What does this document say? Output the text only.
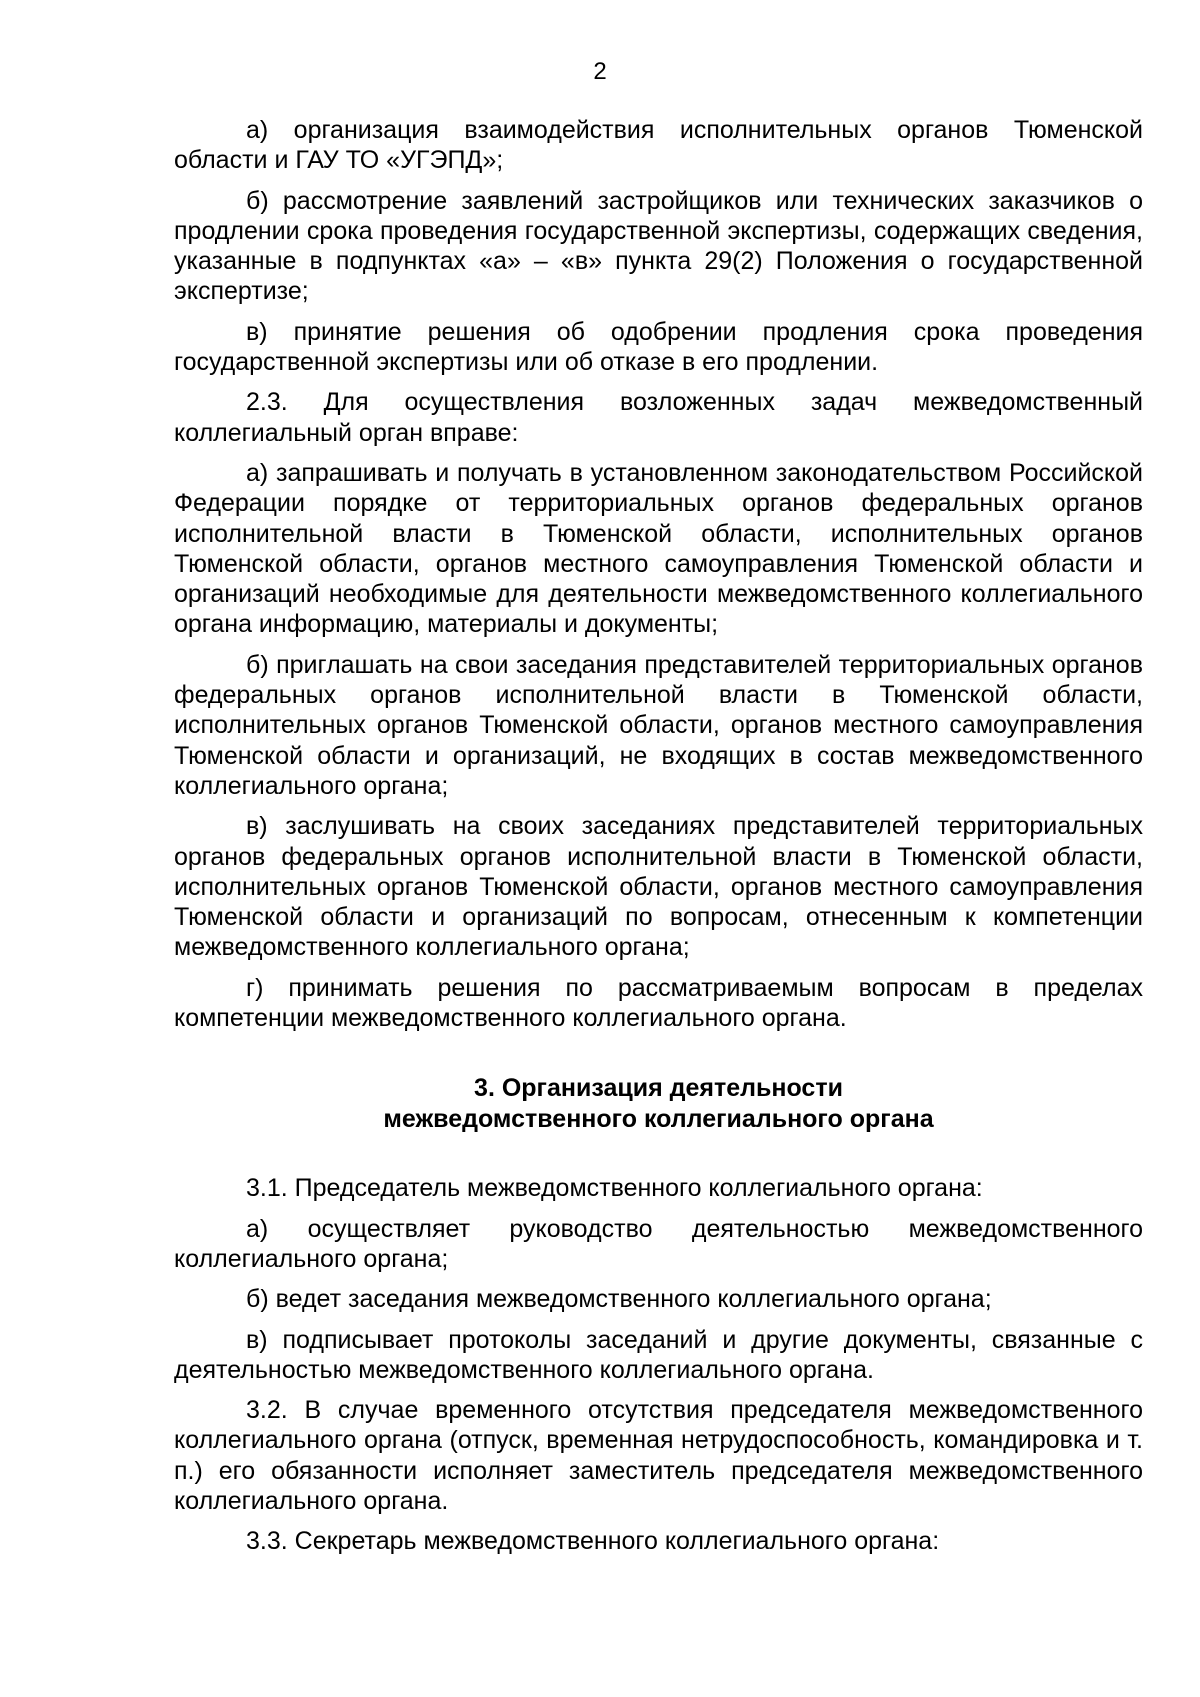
2

а) организация взаимодействия исполнительных органов Тюменской области и ГАУ ТО «УГЭПД»;

б) рассмотрение заявлений застройщиков или технических заказчиков о продлении срока проведения государственной экспертизы, содержащих сведения, указанные в подпунктах «а» – «в» пункта 29(2) Положения о государственной экспертизе;

в) принятие решения об одобрении продления срока проведения государственной экспертизы или об отказе в его продлении.

2.3. Для осуществления возложенных задач межведомственный коллегиальный орган вправе:

а) запрашивать и получать в установленном законодательством Российской Федерации порядке от территориальных органов федеральных органов исполнительной власти в Тюменской области, исполнительных органов Тюменской области, органов местного самоуправления Тюменской области и организаций необходимые для деятельности межведомственного коллегиального органа информацию, материалы и документы;

б) приглашать на свои заседания представителей территориальных органов федеральных органов исполнительной власти в Тюменской области, исполнительных органов Тюменской области, органов местного самоуправления Тюменской области и организаций, не входящих в состав межведомственного коллегиального органа;

в) заслушивать на своих заседаниях представителей территориальных органов федеральных органов исполнительной власти в Тюменской области, исполнительных органов Тюменской области, органов местного самоуправления Тюменской области и организаций по вопросам, отнесенным к компетенции межведомственного коллегиального органа;

г) принимать решения по рассматриваемым вопросам в пределах компетенции межведомственного коллегиального органа.

3. Организация деятельности
межведомственного коллегиального органа

3.1. Председатель межведомственного коллегиального органа:

а) осуществляет руководство деятельностью межведомственного коллегиального органа;

б) ведет заседания межведомственного коллегиального органа;

в) подписывает протоколы заседаний и другие документы, связанные с деятельностью межведомственного коллегиального органа.

3.2. В случае временного отсутствия председателя межведомственного коллегиального органа (отпуск, временная нетрудоспособность, командировка и т. п.) его обязанности исполняет заместитель председателя межведомственного коллегиального органа.

3.3. Секретарь межведомственного коллегиального органа:
